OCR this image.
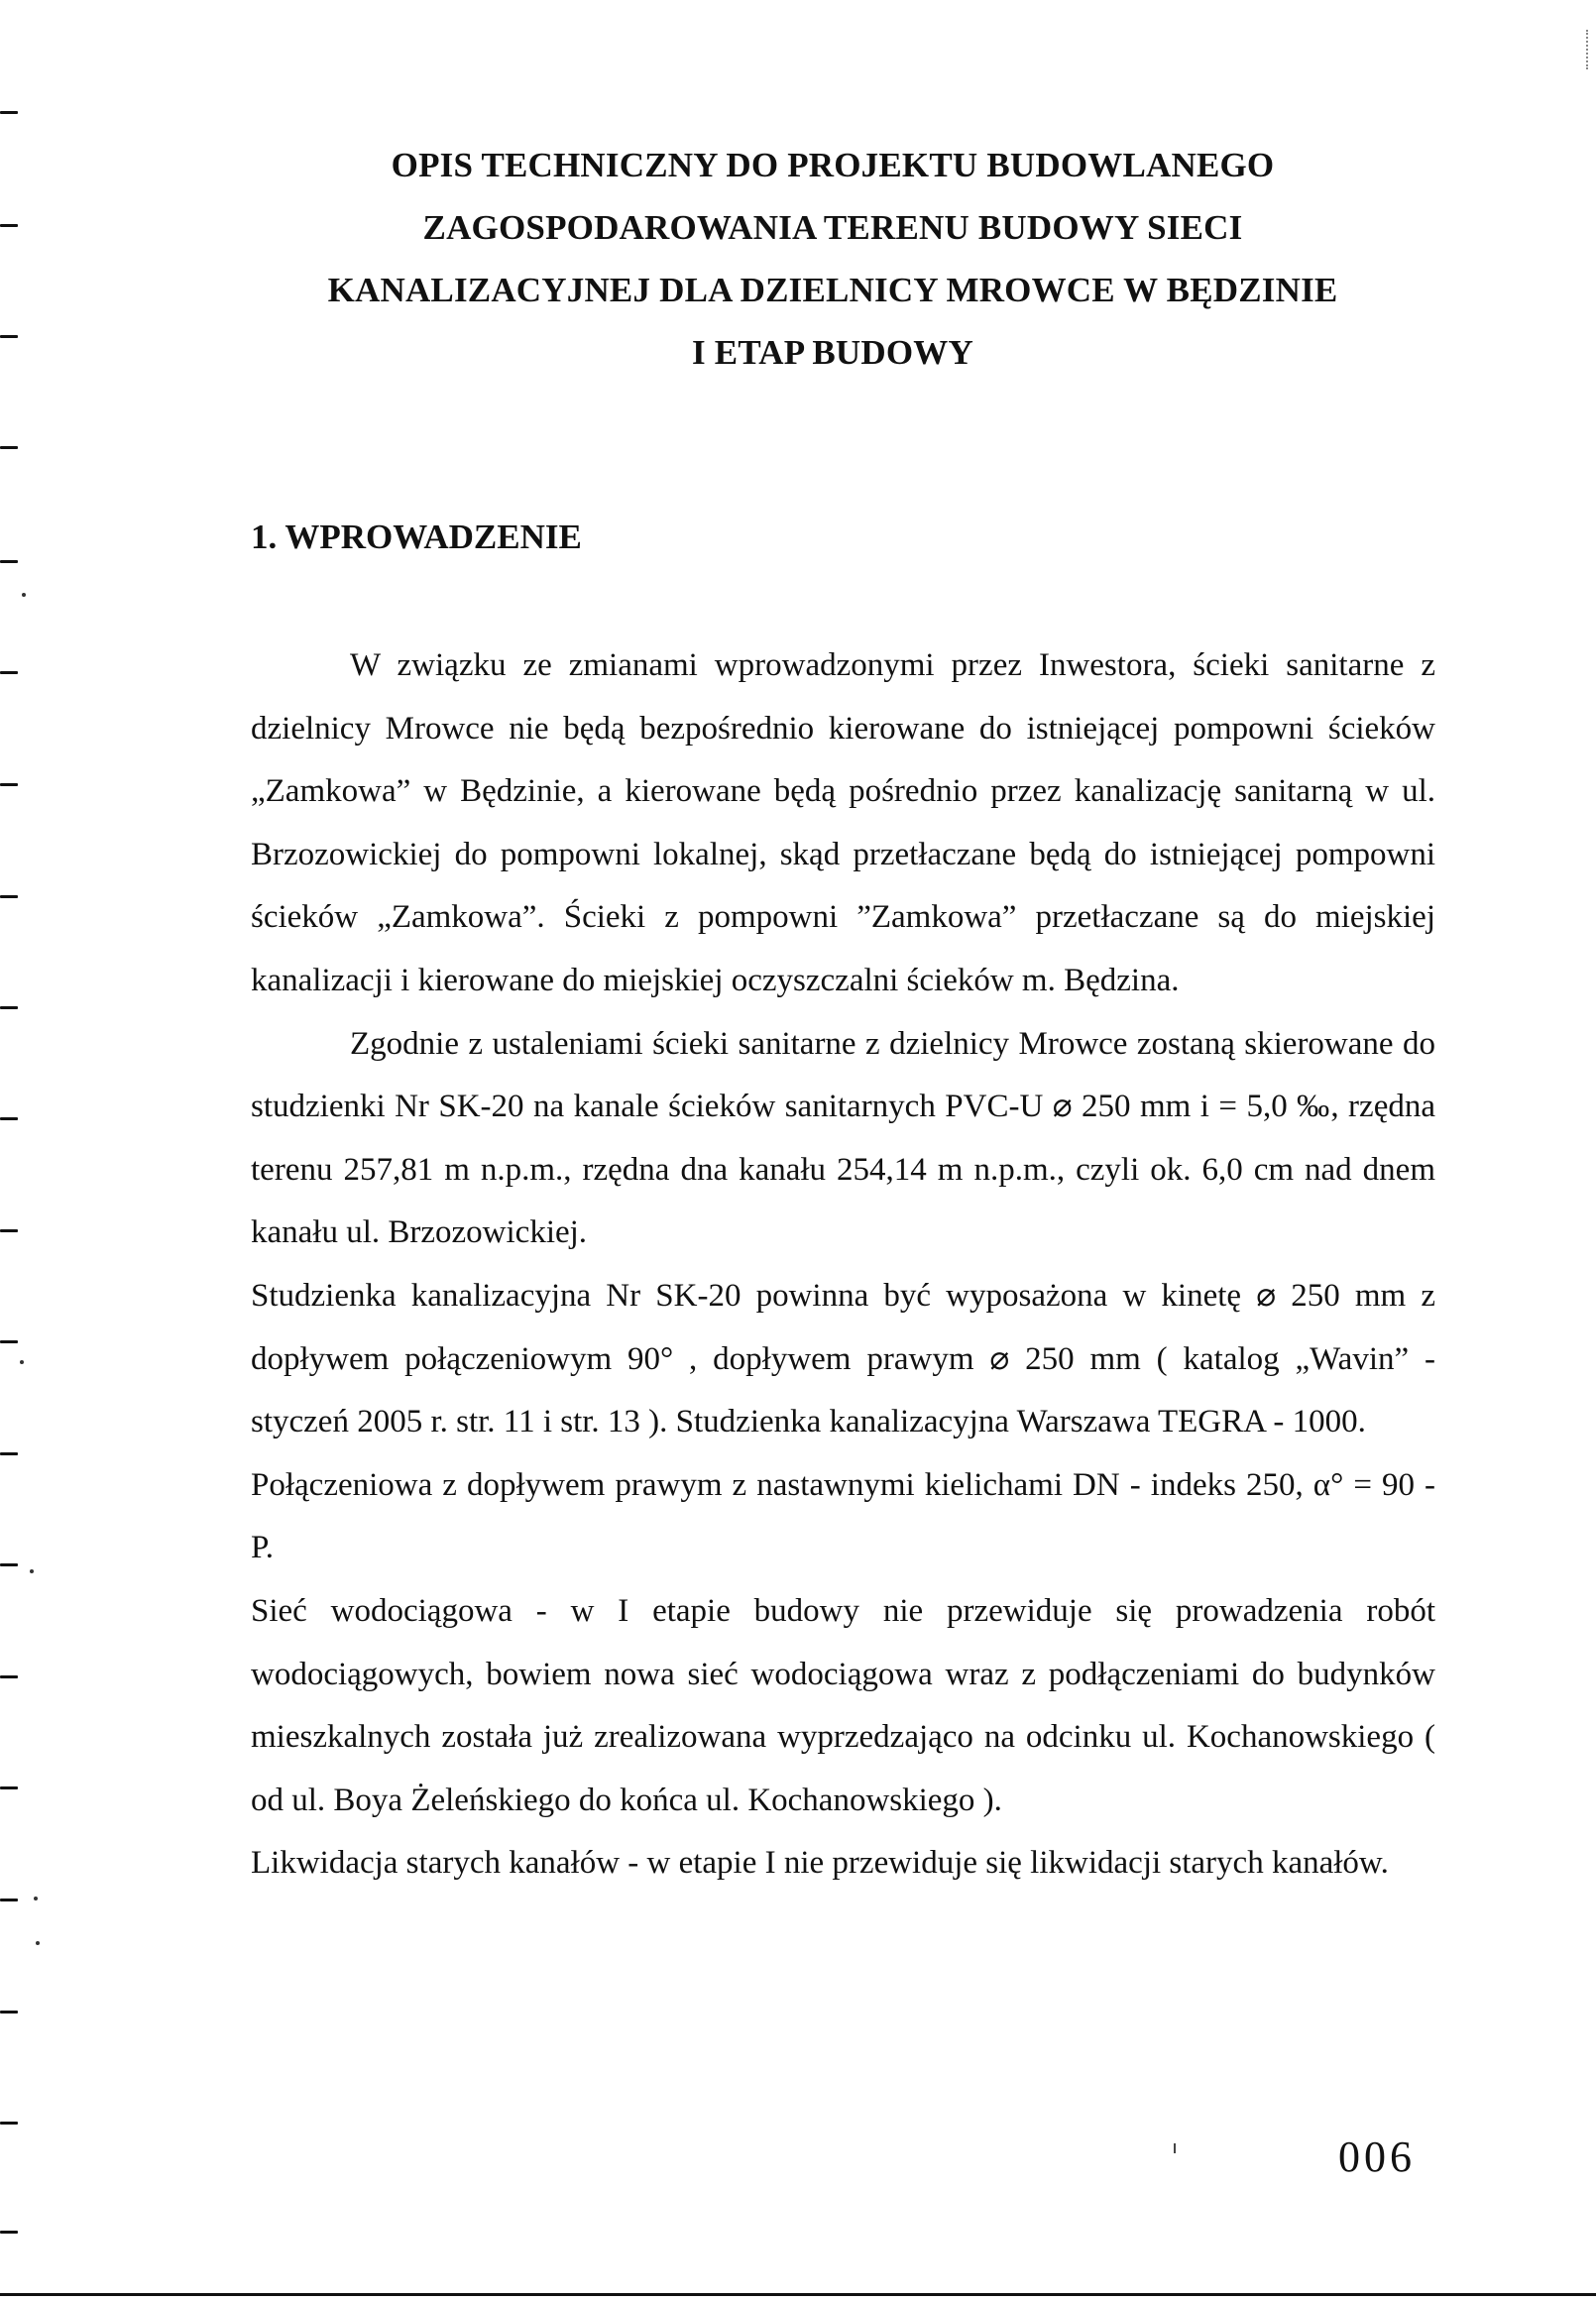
OPIS TECHNICZNY DO PROJEKTU BUDOWLANEGO
ZAGOSPODAROWANIA TERENU BUDOWY SIECI
KANALIZACYJNEJ DLA DZIELNICY MROWCE W BĘDZINIE
I ETAP BUDOWY
1. WPROWADZENIE

W związku ze zmianami wprowadzonymi przez Inwestora, ścieki sanitarne z dzielnicy Mrowce nie będą bezpośrednio kierowane do istniejącej pompowni ścieków „Zamkowa” w Będzinie, a kierowane będą pośrednio przez kanalizację sanitarną w ul. Brzozowickiej do pompowni lokalnej, skąd przetłaczane będą do istniejącej pompowni ścieków „Zamkowa”. Ścieki z pompowni ”Zamkowa” przetłaczane są do miejskiej kanalizacji i kierowane do miejskiej oczyszczalni ścieków m. Będzina.

Zgodnie z ustaleniami ścieki sanitarne z dzielnicy Mrowce zostaną skierowane do studzienki Nr SK-20 na kanale ścieków sanitarnych PVC-U ⌀ 250 mm i = 5,0 ‰, rzędna terenu 257,81 m n.p.m., rzędna dna kanału 254,14 m n.p.m., czyli ok. 6,0 cm nad dnem kanału ul. Brzozowickiej.

Studzienka kanalizacyjna Nr SK-20 powinna być wyposażona w kinetę ⌀ 250 mm z dopływem połączeniowym 90° , dopływem prawym ⌀ 250 mm ( katalog „Wavin” - styczeń 2005 r. str. 11 i str. 13 ). Studzienka kanalizacyjna Warszawa TEGRA - 1000.

Połączeniowa z dopływem prawym z nastawnymi kielichami DN - indeks 250, α° = 90 - P.

Sieć wodociągowa - w I etapie budowy nie przewiduje się prowadzenia robót wodociągowych, bowiem nowa sieć wodociągowa wraz z podłączeniami do budynków mieszkalnych została już zrealizowana wyprzedzająco na odcinku ul. Kochanowskiego ( od ul. Boya Żeleńskiego do końca ul. Kochanowskiego ).

Likwidacja starych kanałów - w etapie I nie przewiduje się likwidacji starych kanałów.

006
